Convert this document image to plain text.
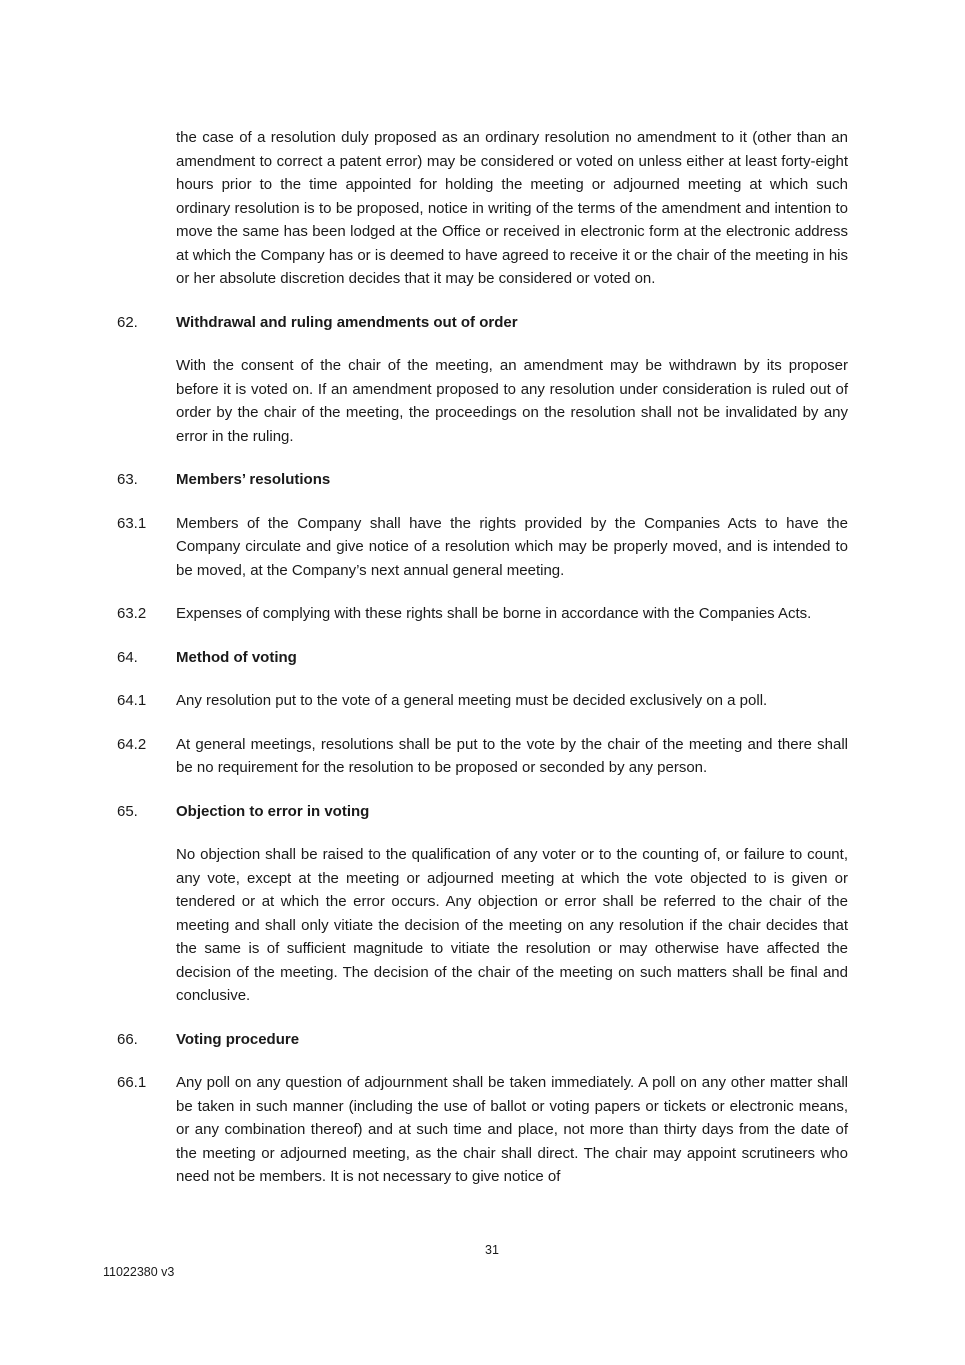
the case of a resolution duly proposed as an ordinary resolution no amendment to it (other than an amendment to correct a patent error) may be considered or voted on unless either at least forty-eight hours prior to the time appointed for holding the meeting or adjourned meeting at which such ordinary resolution is to be proposed, notice in writing of the terms of the amendment and intention to move the same has been lodged at the Office or received in electronic form at the electronic address at which the Company has or is deemed to have agreed to receive it or the chair of the meeting in his or her absolute discretion decides that it may be considered or voted on.

62.	Withdrawal and ruling amendments out of order

With the consent of the chair of the meeting, an amendment may be withdrawn by its proposer before it is voted on. If an amendment proposed to any resolution under consideration is ruled out of order by the chair of the meeting, the proceedings on the resolution shall not be invalidated by any error in the ruling.

63.	Members’ resolutions
63.1	Members of the Company shall have the rights provided by the Companies Acts to have the Company circulate and give notice of a resolution which may be properly moved, and is intended to be moved, at the Company’s next annual general meeting.

63.2	Expenses of complying with these rights shall be borne in accordance with the Companies Acts.

64.	Method of voting
64.1	Any resolution put to the vote of a general meeting must be decided exclusively on a poll.

64.2	At general meetings, resolutions shall be put to the vote by the chair of the meeting and there shall be no requirement for the resolution to be proposed or seconded by any person.

65.	Objection to error in voting

No objection shall be raised to the qualification of any voter or to the counting of, or failure to count, any vote, except at the meeting or adjourned meeting at which the vote objected to is given or tendered or at which the error occurs. Any objection or error shall be referred to the chair of the meeting and shall only vitiate the decision of the meeting on any resolution if the chair decides that the same is of sufficient magnitude to vitiate the resolution or may otherwise have affected the decision of the meeting. The decision of the chair of the meeting on such matters shall be final and conclusive.

66.	Voting procedure
66.1	Any poll on any question of adjournment shall be taken immediately. A poll on any other matter shall be taken in such manner (including the use of ballot or voting papers or tickets or electronic means, or any combination thereof) and at such time and place, not more than thirty days from the date of the meeting or adjourned meeting, as the chair shall direct. The chair may appoint scrutineers who need not be members. It is not necessary to give notice of

31
11022380 v3
